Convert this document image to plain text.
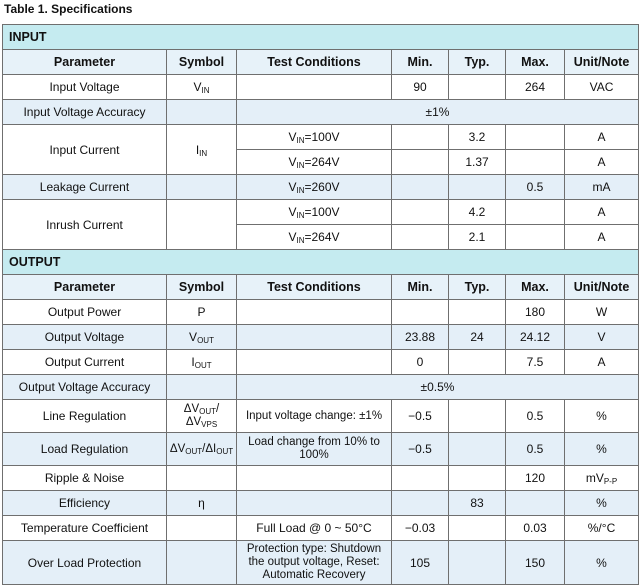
Table 1. Specifications
INPUT						
Parameter	Symbol	Test Conditions	Min.	Typ.	Max.	Unit/Note
Input Voltage	$V_{IN}$		90		264	VAC
Input Voltage Accuracy		±1%				
Input Current	$I_{IN}$	$V_{IN}=100V$		3.2		A
		$V_{IN}=264V$		1.37		A
Leakage Current		$V_{IN}=260V$			0.5	mA
Inrush Current		$V_{IN}=100V$		4.2		A
		$V_{IN}=264V$		2.1		A
OUTPUT						
Parameter	Symbol	Test Conditions	Min.	Typ.	Max.	Unit/Note
Output Power	P				180	W
Output Voltage	$V_{OUT}$		23.88	24	24.12	V
Output Current	$I_{OUT}$		0		7.5	A
Output Voltage Accuracy		±0.5%				
Line Regulation	$\Delta V_{OUT}/\Delta V_{VPS}$	Input voltage change: ±1%	−0.5		0.5	%
Load Regulation	$\Delta V_{OUT}/\Delta I_{OUT}$	Load change from 10% to 100%	−0.5		0.5	%
Ripple & Noise					120	$mV_{P-P}$
Efficiency	η			83		%
Temperature Coefficient		Full Load @ 0 ~ 50°C	−0.03		0.03	%/°C
Over Load Protection		Protection type: Shutdown the output voltage, Reset: Automatic Recovery	105		150	%
